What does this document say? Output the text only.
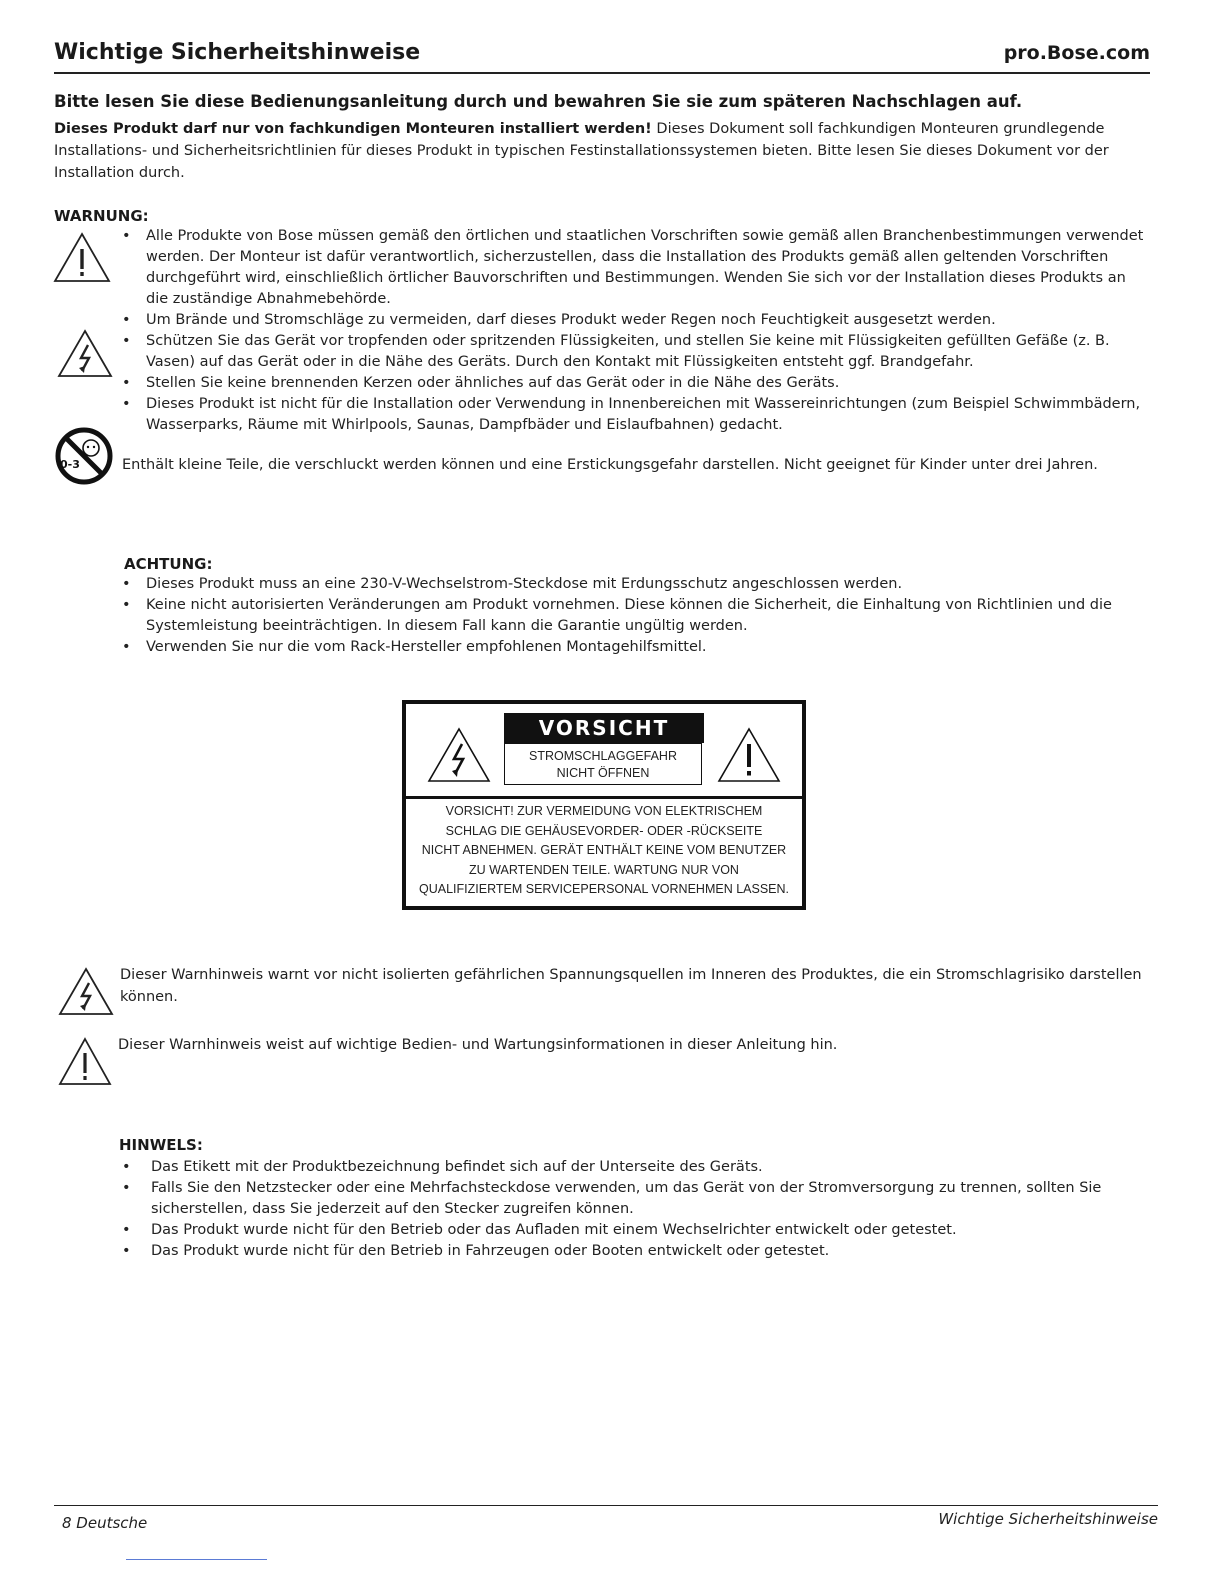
Wichtige Sicherheitshinweise	pro.Bose.com
Bitte lesen Sie diese Bedienungsanleitung durch und bewahren Sie sie zum späteren Nachschlagen auf.
Dieses Produkt darf nur von fachkundigen Monteuren installiert werden! Dieses Dokument soll fachkundigen Monteuren grundlegende Installations- und Sicherheitsrichtlinien für dieses Produkt in typischen Festinstallationssystemen bieten. Bitte lesen Sie dieses Dokument vor der Installation durch.
WARNUNG:
• Alle Produkte von Bose müssen gemäß den örtlichen und staatlichen Vorschriften sowie gemäß allen Branchenbestimmungen verwendet werden. Der Monteur ist dafür verantwortlich, sicherzustellen, dass die Installation des Produkts gemäß allen geltenden Vorschriften durchgeführt wird, einschließlich örtlicher Bauvorschriften und Bestimmungen. Wenden Sie sich vor der Installation dieses Produkts an die zuständige Abnahmebehörde.
• Um Brände und Stromschläge zu vermeiden, darf dieses Produkt weder Regen noch Feuchtigkeit ausgesetzt werden.
• Schützen Sie das Gerät vor tropfenden oder spritzenden Flüssigkeiten, und stellen Sie keine mit Flüssigkeiten gefüllten Gefäße (z. B. Vasen) auf das Gerät oder in die Nähe des Geräts. Durch den Kontakt mit Flüssigkeiten entsteht ggf. Brandgefahr.
• Stellen Sie keine brennenden Kerzen oder ähnliches auf das Gerät oder in die Nähe des Geräts.
• Dieses Produkt ist nicht für die Installation oder Verwendung in Innenbereichen mit Wassereinrichtungen (zum Beispiel Schwimmbädern, Wasserparks, Räume mit Whirlpools, Saunas, Dampfbäder und Eislaufbahnen) gedacht.
0-3	Enthält kleine Teile, die verschluckt werden können und eine Erstickungsgefahr darstellen. Nicht geeignet für Kinder unter drei Jahren.
ACHTUNG:
• Dieses Produkt muss an eine 230-V-Wechselstrom-Steckdose mit Erdungsschutz angeschlossen werden.
• Keine nicht autorisierten Veränderungen am Produkt vornehmen. Diese können die Sicherheit, die Einhaltung von Richtlinien und die Systemleistung beeinträchtigen. In diesem Fall kann die Garantie ungültig werden.
• Verwenden Sie nur die vom Rack-Hersteller empfohlenen Montagehilfsmittel.
VORSICHT
STROMSCHLAGGEFAHR
NICHT ÖFFNEN
VORSICHT! ZUR VERMEIDUNG VON ELEKTRISCHEM
SCHLAG DIE GEHÄUSEVORDER- ODER -RÜCKSEITE
NICHT ABNEHMEN. GERÄT ENTHÄLT KEINE VOM BENUTZER
ZU WARTENDEN TEILE. WARTUNG NUR VON
QUALIFIZIERTEM SERVICEPERSONAL VORNEHMEN LASSEN.
Dieser Warnhinweis warnt vor nicht isolierten gefährlichen Spannungsquellen im Inneren des Produktes, die ein Stromschlagrisiko darstellen können.
Dieser Warnhinweis weist auf wichtige Bedien- und Wartungsinformationen in dieser Anleitung hin.
HINWELS:
• Das Etikett mit der Produktbezeichnung befindet sich auf der Unterseite des Geräts.
• Falls Sie den Netzstecker oder eine Mehrfachsteckdose verwenden, um das Gerät von der Stromversorgung zu trennen, sollten Sie sicherstellen, dass Sie jederzeit auf den Stecker zugreifen können.
• Das Produkt wurde nicht für den Betrieb oder das Aufladen mit einem Wechselrichter entwickelt oder getestet.
• Das Produkt wurde nicht für den Betrieb in Fahrzeugen oder Booten entwickelt oder getestet.
8 Deutsche	Wichtige Sicherheitshinweise
